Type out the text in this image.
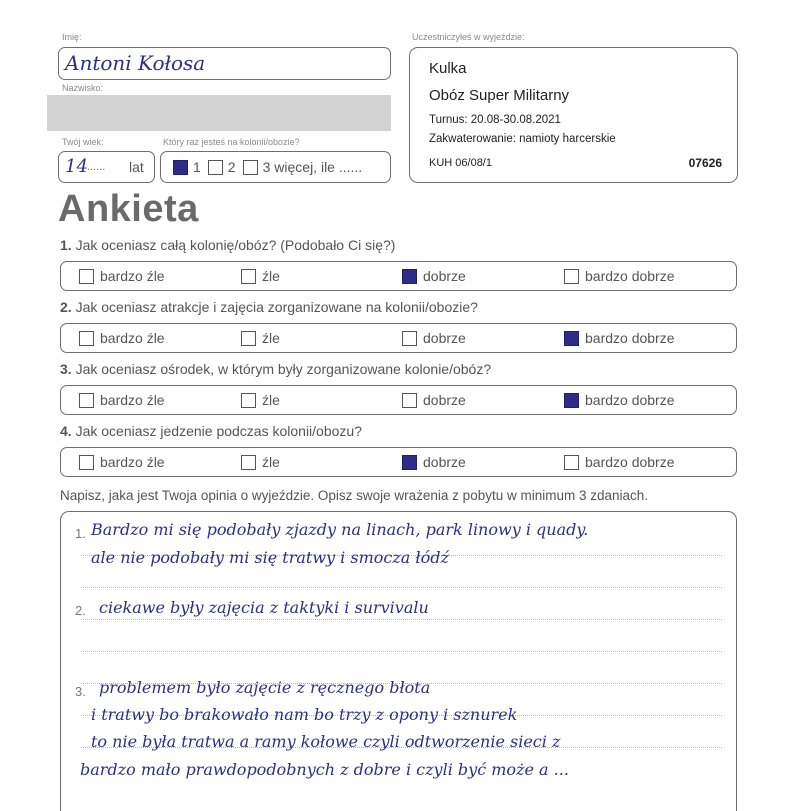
Imię:
Antoni Kołosa
Nazwisko:
Twój wiek:
14 ...... lat
Który raz jesteś na kolonii/obozie?
1 2 3 więcej, ile ......
Uczestniczyłeś w wyjeździe:
Kulka
Obóz Super Militarny
Turnus: 20.08-30.08.2021
Zakwaterowanie: namioty harcerskie
KUH 06/08/1	07626
Ankieta
1. Jak oceniasz całą kolonię/obóz? (Podobało Ci się?)
bardzo źle	źle	dobrze	bardzo dobrze
2. Jak oceniasz atrakcje i zajęcia zorganizowane na kolonii/obozie?
bardzo źle	źle	dobrze	bardzo dobrze
3. Jak oceniasz ośrodek, w którym były zorganizowane kolonie/obóz?
bardzo źle	źle	dobrze	bardzo dobrze
4. Jak oceniasz jedzenie podczas kolonii/obozu?
bardzo źle	źle	dobrze	bardzo dobrze
Napisz, jaka jest Twoja opinia o wyjeździe. Opisz swoje wrażenia z pobytu w minimum 3 zdaniach.
1. Bardzo mi się podobały zjazdy na linach, park linowy i quady.
ale nie podobały mi się tratwy i smocza łódź
2. ciekawe były zajęcia z taktyki i survivalu
3. problemem było zajęcie z ręcznego błota
i tratwy bo brakowało nam bo trzy z opony i sznurek
to nie była tratwa a ramy kołowe czyli odtworzenie sieci z
bardzo mało prawdopodobnych z dobre i czyli być może a ...
